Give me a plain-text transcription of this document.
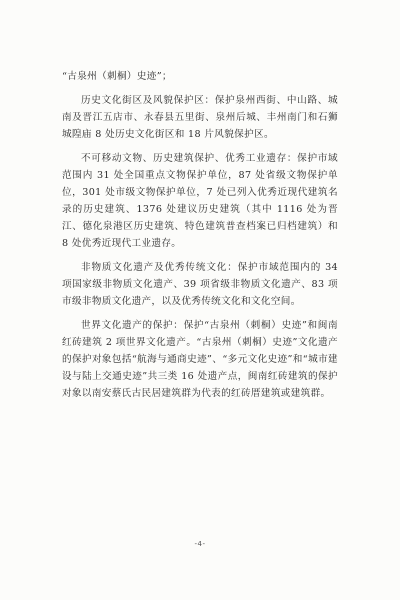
“古泉州（刺桐）史迹”；

历史文化街区及风貌保护区：保护泉州西街、中山路、城南及晋江五店市、永春县五里街、泉州后城、丰州南门和石狮城隍庙 8 处历史文化街区和 18 片风貌保护区。

不可移动文物、历史建筑保护、优秀工业遗存：保护市域范围内 31 处全国重点文物保护单位，87 处省级文物保护单位，301 处市级文物保护单位，7 处已列入优秀近现代建筑名录的历史建筑、1376 处建议历史建筑（其中 1116 处为晋江、德化泉港区历史建筑、特色建筑普查档案已归档建筑）和 8 处优秀近现代工业遗存。

非物质文化遗产及优秀传统文化：保护市域范围内的 34 项国家级非物质文化遗产、39 项省级非物质文化遗产、83 项市级非物质文化遗产，以及优秀传统文化和文化空间。

世界文化遗产的保护：保护“古泉州（刺桐）史迹”和闽南红砖建筑 2 项世界文化遗产。“古泉州（刺桐）史迹”文化遗产的保护对象包括“航海与通商史迹”、“多元文化史迹”和“城市建设与陆上交通史迹”共三类 16 处遗产点，闽南红砖建筑的保护对象以南安蔡氏古民居建筑群为代表的红砖厝建筑或建筑群。

-4-
